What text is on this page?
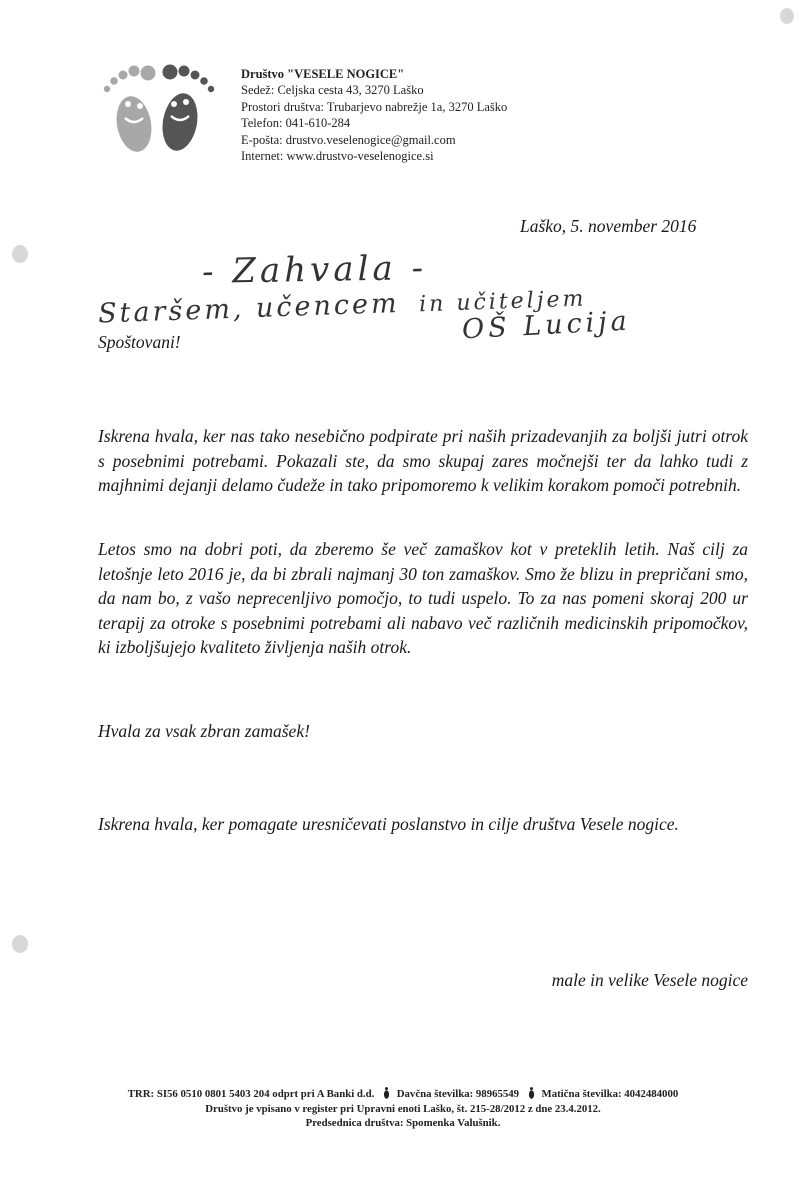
Društvo "VESELE NOGICE"
Sedež: Celjska cesta 43, 3270 Laško
Prostori društva: Trubarjevo nabrežje 1a, 3270 Laško
Telefon: 041-610-284
E-pošta: drustvo.veselenogice@gmail.com
Internet: www.drustvo-veselenogice.si
Laško, 5. november 2016
- Zahvala -
Staršem, učencem in učiteljem
OŠ Lucija
Spoštovani!
Iskrena hvala, ker nas tako nesebično podpirate pri naših prizadevanjih za boljši jutri otrok s posebnimi potrebami. Pokazali ste, da smo skupaj zares močnejši ter da lahko tudi z majhnimi dejanji delamo čudeže in tako pripomoremo k velikim korakom pomoči potrebnih.
Letos smo na dobri poti, da zberemo še več zamaškov kot v preteklih letih. Naš cilj za letošnje leto 2016 je, da bi zbrali najmanj 30 ton zamaškov. Smo že blizu in prepričani smo, da nam bo, z vašo neprecenljivo pomočjo, to tudi uspelo. To za nas pomeni skoraj 200 ur terapij za otroke s posebnimi potrebami ali nabavo več različnih medicinskih pripomočkov, ki izboljšujejo kvaliteto življenja naših otrok.
Hvala za vsak zbran zamašek!
Iskrena hvala, ker pomagate uresničevati poslanstvo in cilje društva Vesele nogice.
male in velike Vesele nogice
TRR: SI56 0510 0801 5403 204 odprt pri A Banki d.d. Davčna številka: 98965549 Matična številka: 4042484000
Društvo je vpisano v register pri Upravni enoti Laško, št. 215-28/2012 z dne 23.4.2012.
Predsednica društva: Spomenka Valušnik.
